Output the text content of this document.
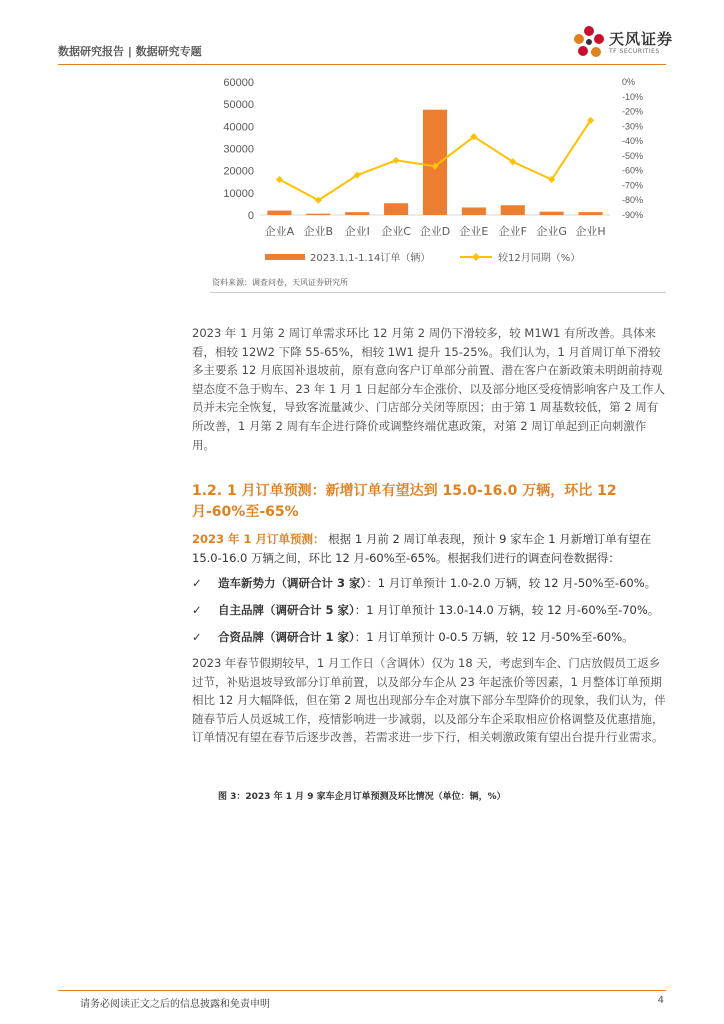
数据研究报告 | 数据研究专题
天风证券
TF SECURITIES
60000
50000
40000
30000
20000
10000
0
0%
-10%
-20%
-30%
-40%
-50%
-60%
-70%
-80%
-90%
企业A 企业B 企业I 企业C 企业D 企业E 企业F 企业G 企业H
2023.1.1-1.14订单（辆）	较12月同期（%）
资料来源：调查问卷，天风证券研究所
2023 年 1 月第 2 周订单需求环比 12 月第 2 周仍下滑较多，较 M1W1 有所改善。具体来看，相较 12W2 下降 55-65%，相较 1W1 提升 15-25%。我们认为，1 月首周订单下滑较多主要系 12 月底国补退坡前，原有意向客户订单部分前置、潜在客户在新政策未明朗前持观望态度不急于购车、23 年 1 月 1 日起部分车企涨价、以及部分地区受疫情影响客户及工作人员并未完全恢复，导致客流量减少、门店部分关闭等原因；由于第 1 周基数较低，第 2 周有所改善，1 月第 2 周有车企进行降价或调整终端优惠政策，对第 2 周订单起到正向刺激作用。
1.2. 1 月订单预测：新增订单有望达到 15.0-16.0 万辆，环比 12 月-60%至-65%
2023 年 1 月订单预测： 根据 1 月前 2 周订单表现，预计 9 家车企 1 月新增订单有望在 15.0-16.0 万辆之间，环比 12 月-60%至-65%。根据我们进行的调查问卷数据得：
✓ 造车新势力（调研合计 3 家）：1 月订单预计 1.0-2.0 万辆，较 12 月-50%至-60%。
✓ 自主品牌（调研合计 5 家）：1 月订单预计 13.0-14.0 万辆，较 12 月-60%至-70%。
✓ 合资品牌（调研合计 1 家）：1 月订单预计 0-0.5 万辆，较 12 月-50%至-60%。
2023 年春节假期较早，1 月工作日（含调休）仅为 18 天，考虑到车企、门店放假员工返乡过节，补贴退坡导致部分订单前置，以及部分车企从 23 年起涨价等因素，1 月整体订单预期相比 12 月大幅降低，但在第 2 周也出现部分车企对旗下部分车型降价的现象，我们认为，伴随春节后人员返城工作，疫情影响进一步减弱，以及部分车企采取相应价格调整及优惠措施，订单情况有望在春节后逐步改善，若需求进一步下行，相关刺激政策有望出台提升行业需求。
图 3：2023 年 1 月 9 家车企月订单预测及环比情况（单位：辆，%）
请务必阅读正文之后的信息披露和免责申明	4
